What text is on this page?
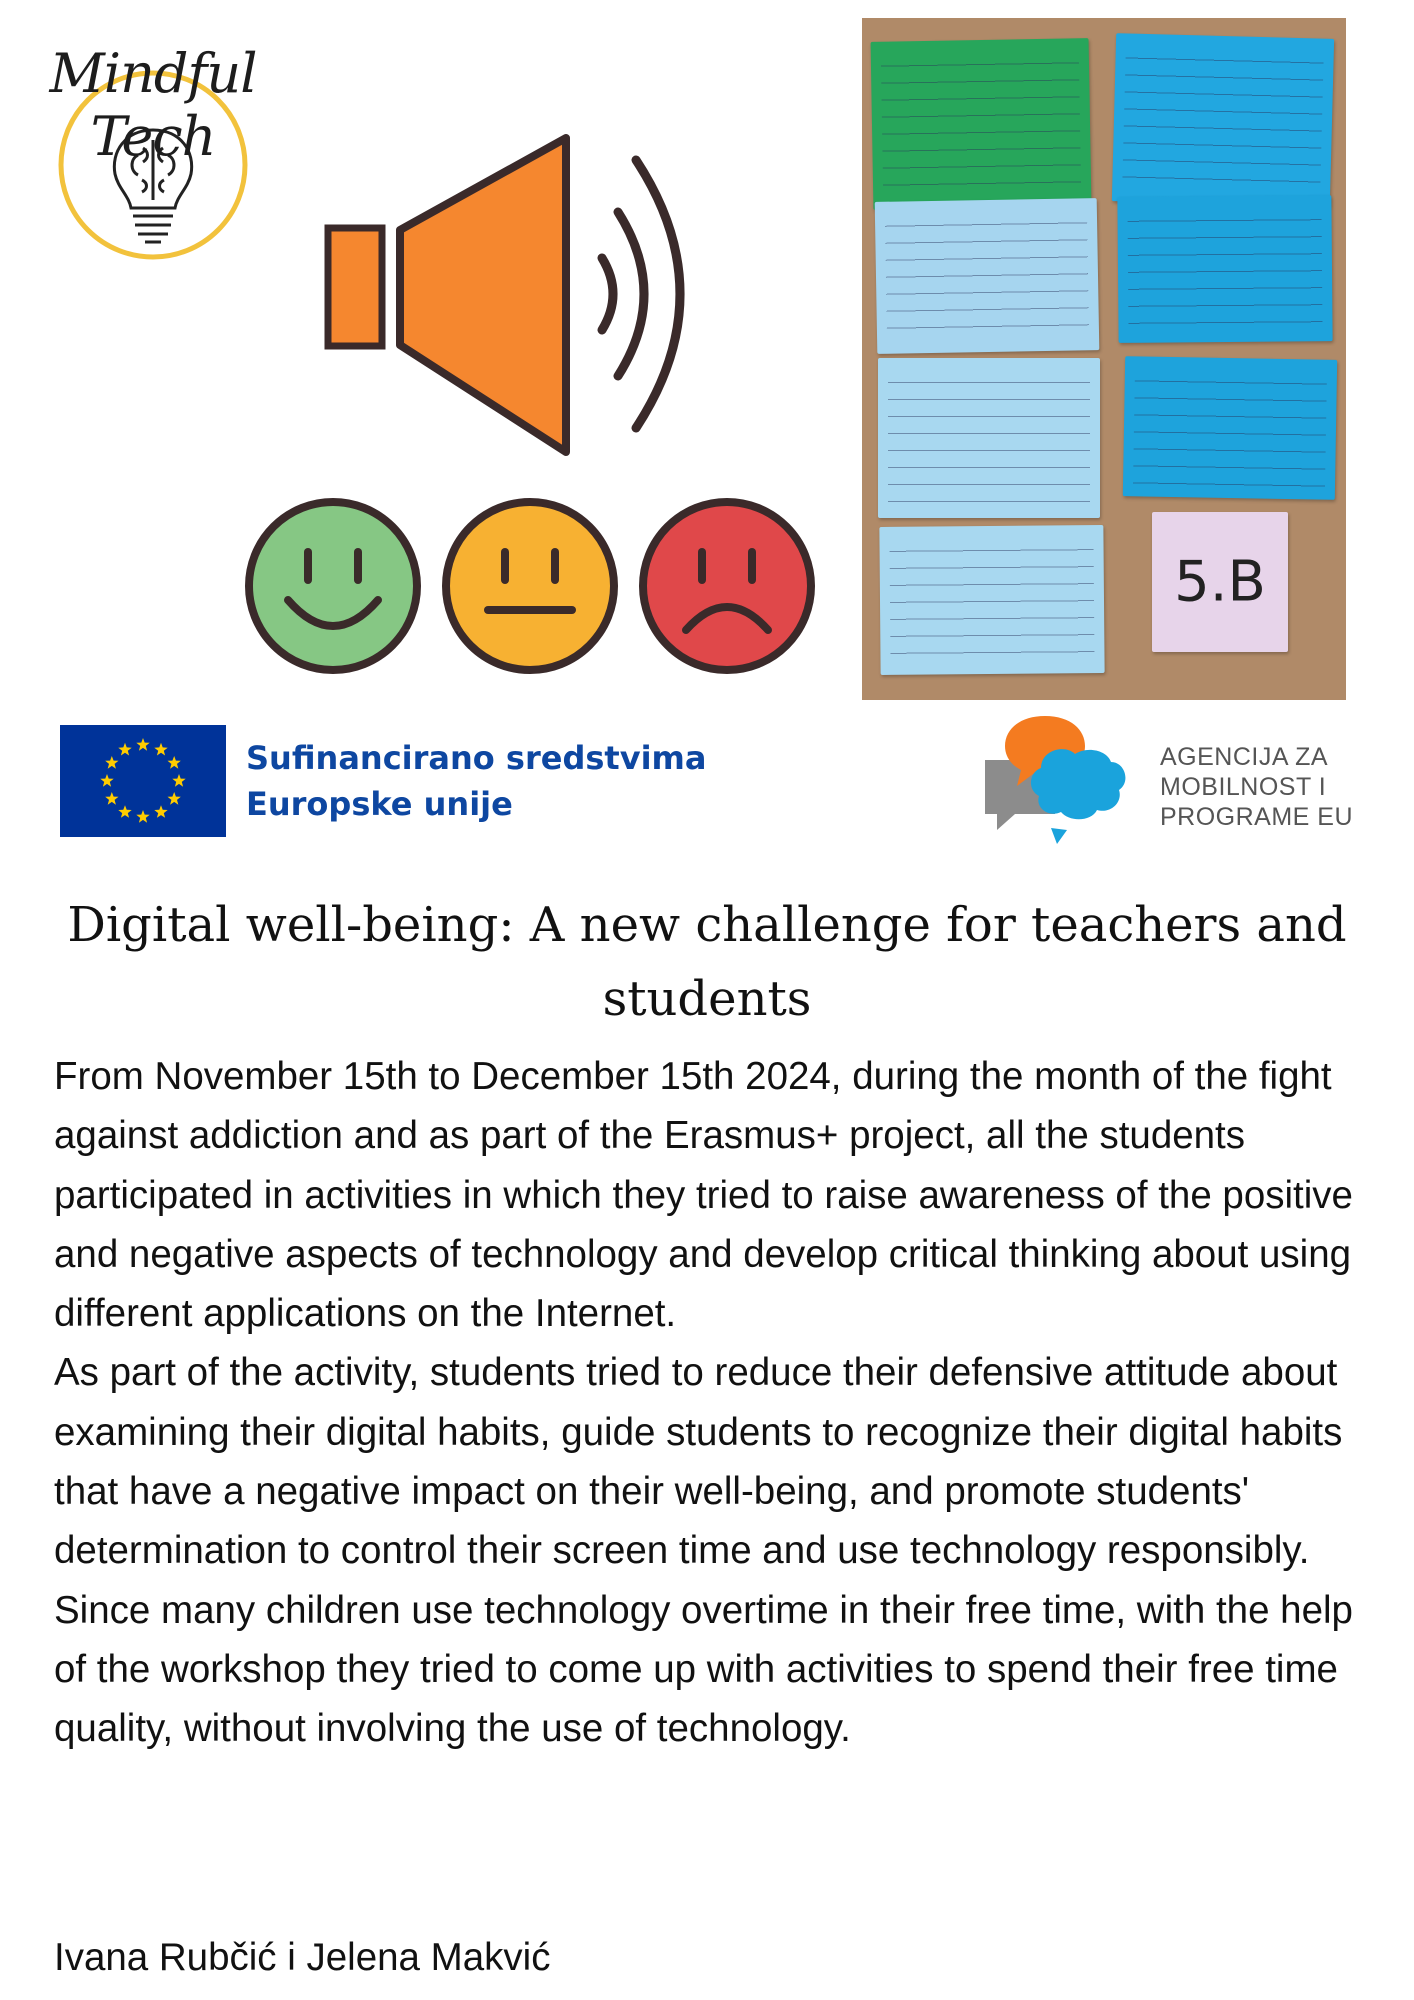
Mindful Tech
5.B
Sufinancirano sredstvima
Europske unije
AGENCIJA ZA
MOBILNOST I
PROGRAME EU
Digital well-being: A new challenge for teachers and students

From November 15th to December 15th 2024, during the month of the fight against addiction and as part of the Erasmus+ project, all the students participated in activities in which they tried to raise awareness of the positive and negative aspects of technology and develop critical thinking about using different applications on the Internet.

As part of the activity, students tried to reduce their defensive attitude about examining their digital habits, guide students to recognize their digital habits that have a negative impact on their well-being, and promote students' determination to control their screen time and use technology responsibly.

Since many children use technology overtime in their free time, with the help of the workshop they tried to come up with activities to spend their free time quality, without involving the use of technology.

Ivana Rubčić i Jelena Makvić
